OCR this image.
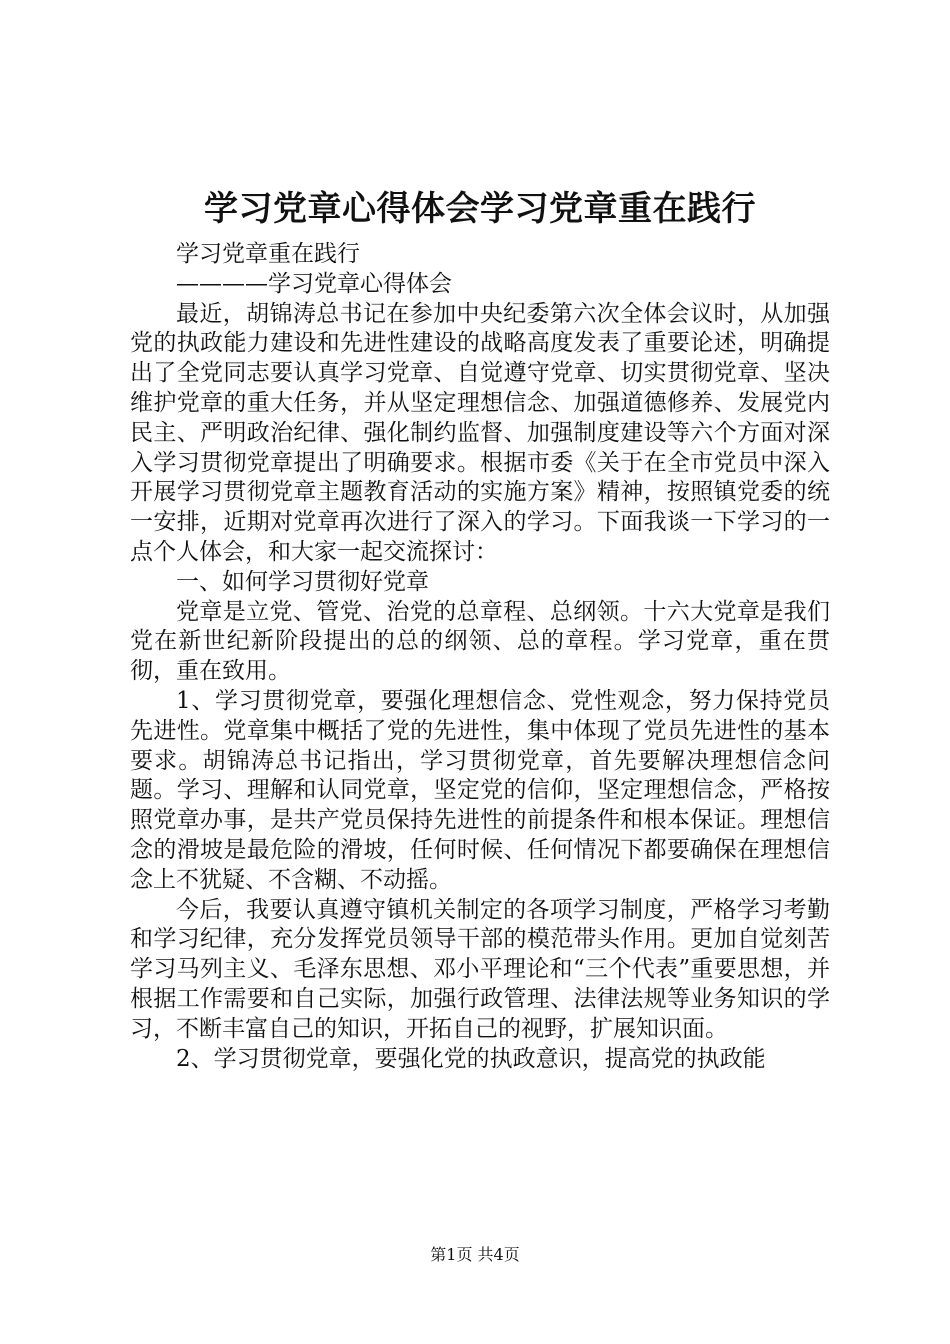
学习党章心得体会学习党章重在践行

学习党章重在践行

————学习党章心得体会

最近，胡锦涛总书记在参加中央纪委第六次全体会议时，从加强党的执政能力建设和先进性建设的战略高度发表了重要论述，明确提出了全党同志要认真学习党章、自觉遵守党章、切实贯彻党章、坚决维护党章的重大任务，并从坚定理想信念、加强道德修养、发展党内民主、严明政治纪律、强化制约监督、加强制度建设等六个方面对深入学习贯彻党章提出了明确要求。根据市委《关于在全市党员中深入开展学习贯彻党章主题教育活动的实施方案》精神，按照镇党委的统一安排，近期对党章再次进行了深入的学习。下面我谈一下学习的一点个人体会，和大家一起交流探讨：

一、如何学习贯彻好党章

党章是立党、管党、治党的总章程、总纲领。十六大党章是我们党在新世纪新阶段提出的总的纲领、总的章程。学习党章，重在贯彻，重在致用。

1、学习贯彻党章，要强化理想信念、党性观念，努力保持党员先进性。党章集中概括了党的先进性，集中体现了党员先进性的基本要求。胡锦涛总书记指出，学习贯彻党章，首先要解决理想信念问题。学习、理解和认同党章，坚定党的信仰，坚定理想信念，严格按照党章办事，是共产党员保持先进性的前提条件和根本保证。理想信念的滑坡是最危险的滑坡，任何时候、任何情况下都要确保在理想信念上不犹疑、不含糊、不动摇。

今后，我要认真遵守镇机关制定的各项学习制度，严格学习考勤和学习纪律，充分发挥党员领导干部的模范带头作用。更加自觉刻苦学习马列主义、毛泽东思想、邓小平理论和“三个代表”重要思想，并根据工作需要和自己实际，加强行政管理、法律法规等业务知识的学习，不断丰富自己的知识，开拓自己的视野，扩展知识面。

2、学习贯彻党章，要强化党的执政意识，提高党的执政能

第1页 共4页
